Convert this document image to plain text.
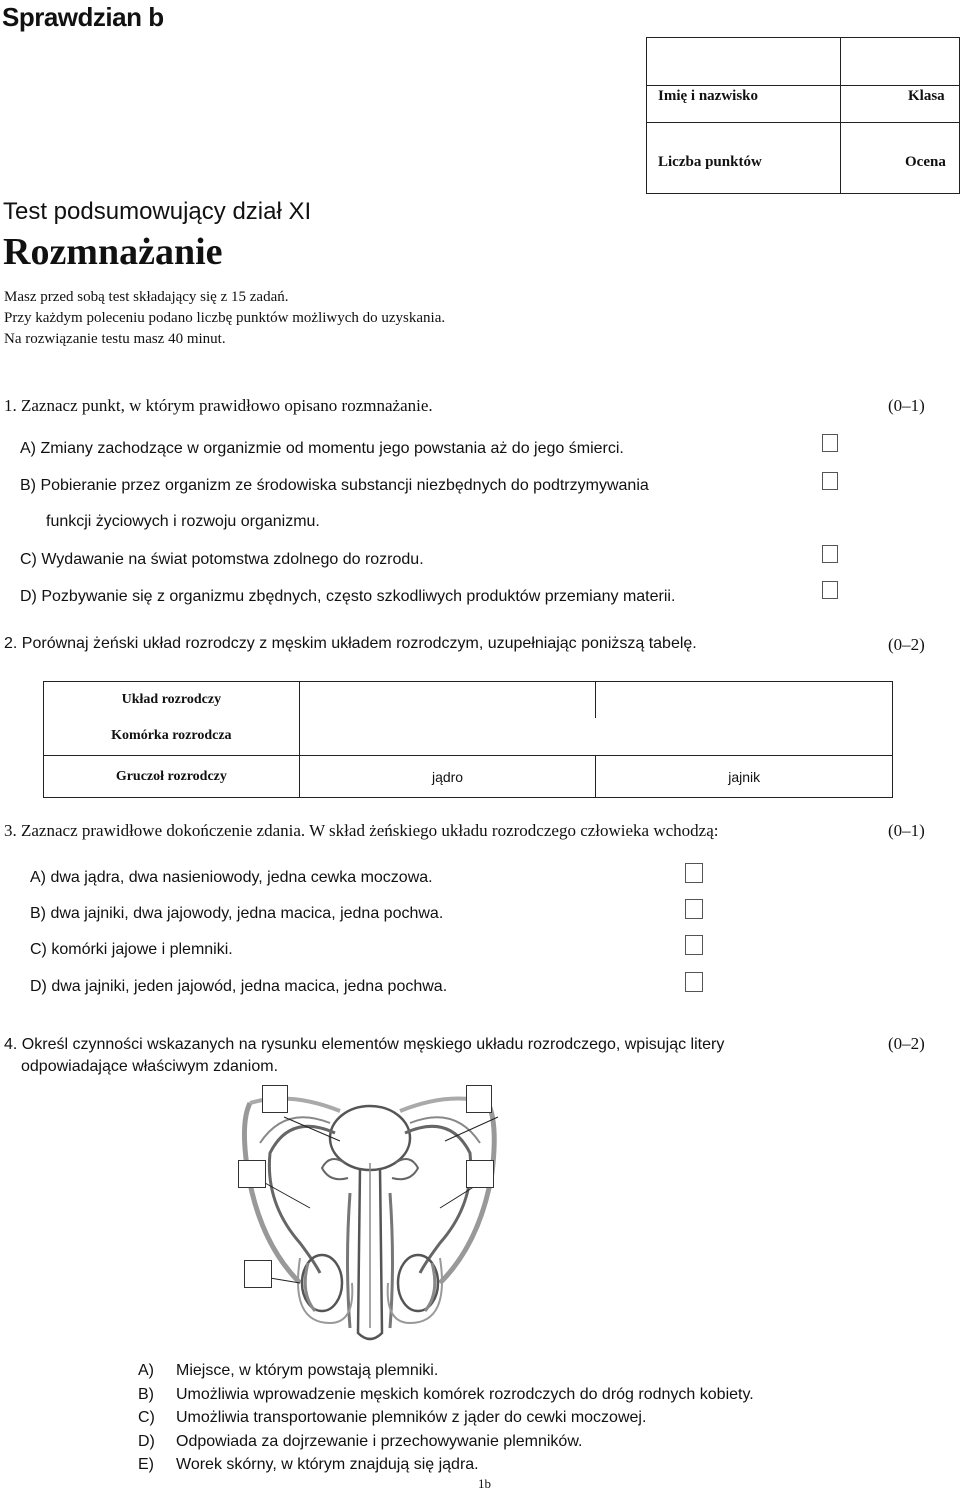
Sprawdzian b
Imię i nazwisko	Klasa
Liczba punktów	Ocena
Test podsumowujący dział XI
Rozmnażanie
Masz przed sobą test składający się z 15 zadań.
Przy każdym poleceniu podano liczbę punktów możliwych do uzyskania.
Na rozwiązanie testu masz 40 minut.
1. Zaznacz punkt, w którym prawidłowo opisano rozmnażanie.	(0–1)
A) Zmiany zachodzące w organizmie od momentu jego powstania aż do jego śmierci.
B) Pobieranie przez organizm ze środowiska substancji niezbędnych do podtrzymywania
funkcji życiowych i rozwoju organizmu.
C) Wydawanie na świat potomstwa zdolnego do rozrodu.
D) Pozbywanie się z organizmu zbędnych, często szkodliwych produktów przemiany materii.
2. Porównaj żeński układ rozrodczy z męskim układem rozrodczym, uzupełniając poniższą tabelę.	(0–2)
Układ rozrodczy		
Komórka rozrodcza		
Gruczoł rozrodczy	jądro	jajnik
3. Zaznacz prawidłowe dokończenie zdania. W skład żeńskiego układu rozrodczego człowieka wchodzą:	(0–1)
A) dwa jądra, dwa nasieniowody, jedna cewka moczowa.
B) dwa jajniki, dwa jajowody, jedna macica, jedna pochwa.
C) komórki jajowe i plemniki.
D) dwa jajniki, jeden jajowód, jedna macica, jedna pochwa.
4. Określ czynności wskazanych na rysunku elementów męskiego układu rozrodczego, wpisując litery
odpowiadające właściwym zdaniom.
(0–2)
A) Miejsce, w którym powstają plemniki.
B) Umożliwia wprowadzenie męskich komórek rozrodczych do dróg rodnych kobiety.
C) Umożliwia transportowanie plemników z jąder do cewki moczowej.
D) Odpowiada za dojrzewanie i przechowywanie plemników.
E) Worek skórny, w którym znajdują się jądra.
1b
